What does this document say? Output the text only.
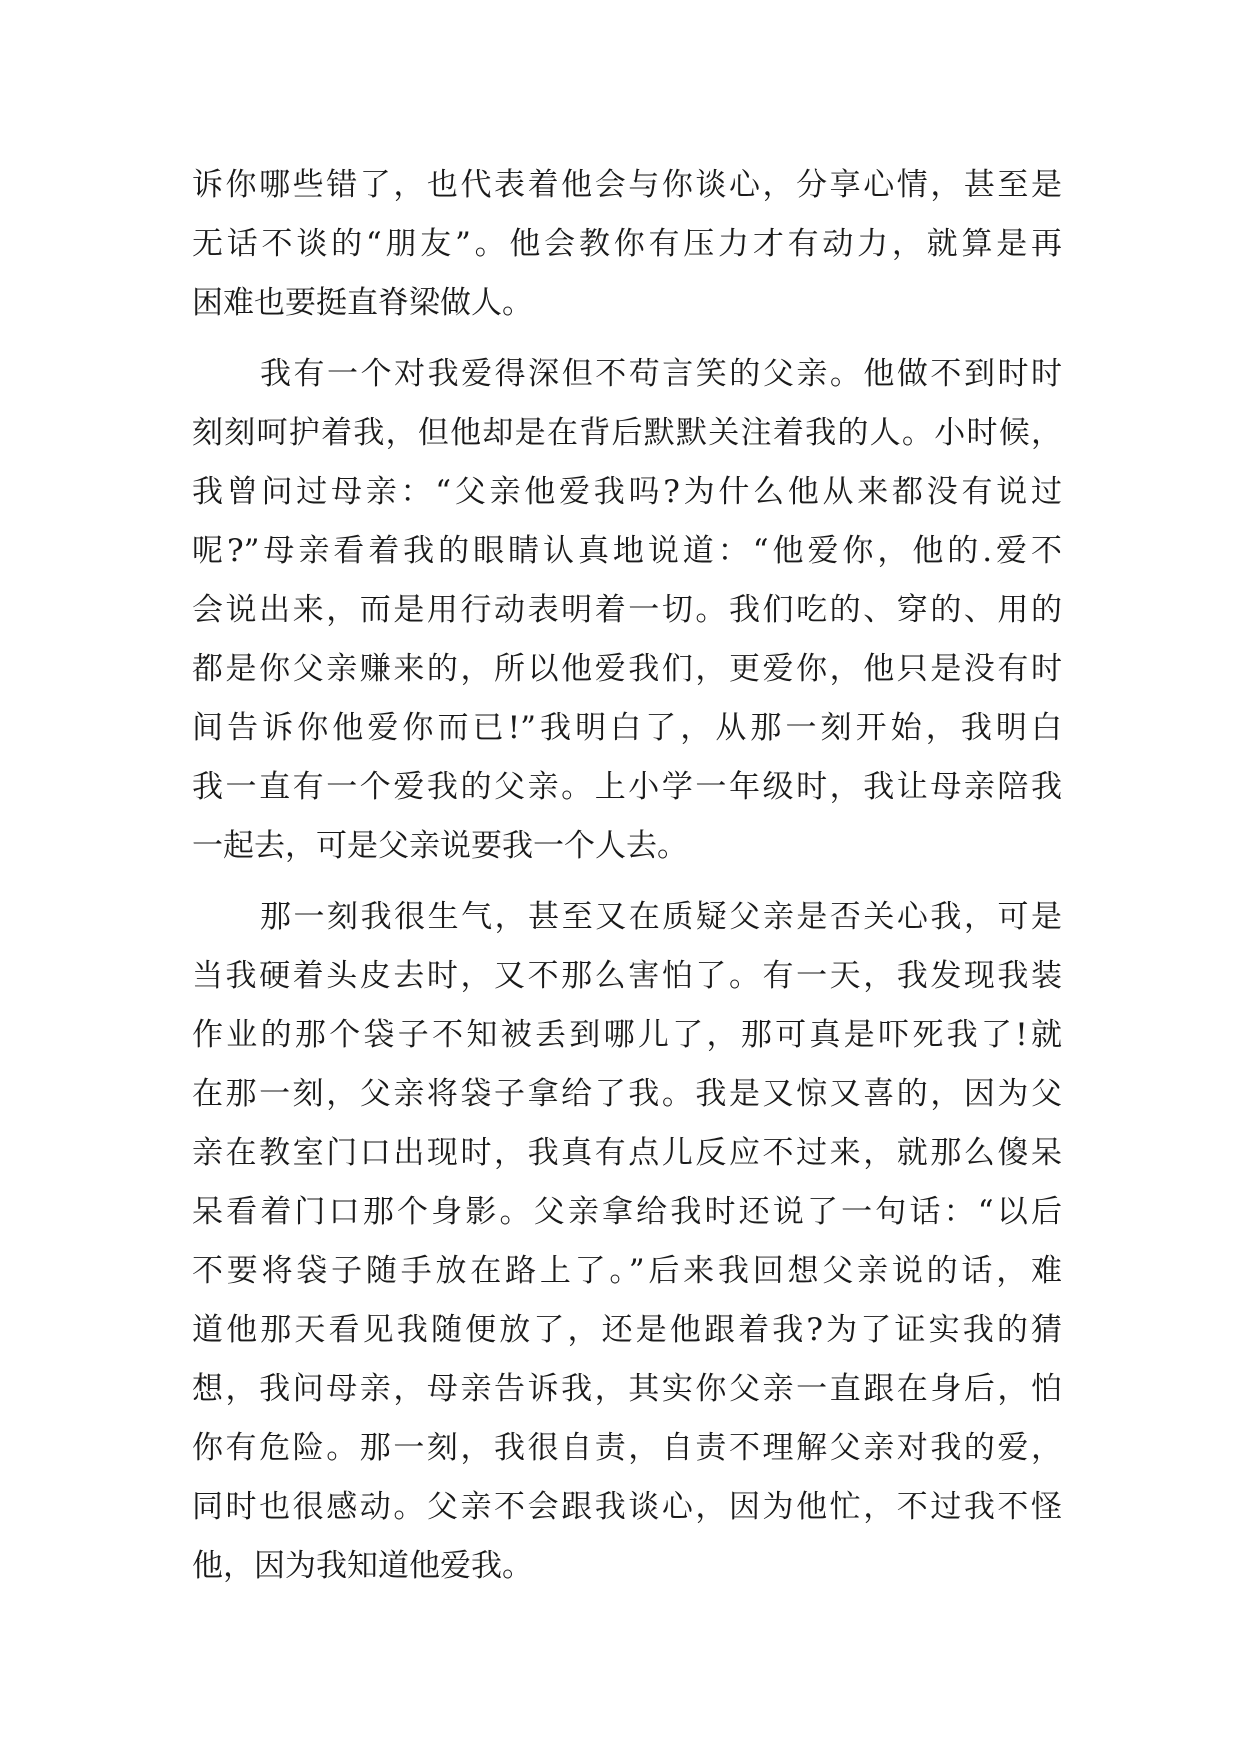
诉你哪些错了，也代表着他会与你谈心，分享心情，甚至是
无话不谈的“朋友”。他会教你有压力才有动力，就算是再
困难也要挺直脊梁做人。
我有一个对我爱得深但不苟言笑的父亲。他做不到时时
刻刻呵护着我，但他却是在背后默默关注着我的人。小时候，
我曾问过母亲：“父亲他爱我吗?为什么他从来都没有说过
呢?”母亲看着我的眼睛认真地说道：“他爱你，他的.爱不
会说出来，而是用行动表明着一切。我们吃的、穿的、用的
都是你父亲赚来的，所以他爱我们，更爱你，他只是没有时
间告诉你他爱你而已!”我明白了，从那一刻开始，我明白
我一直有一个爱我的父亲。上小学一年级时，我让母亲陪我
一起去，可是父亲说要我一个人去。
那一刻我很生气，甚至又在质疑父亲是否关心我，可是
当我硬着头皮去时，又不那么害怕了。有一天，我发现我装
作业的那个袋子不知被丢到哪儿了，那可真是吓死我了!就
在那一刻，父亲将袋子拿给了我。我是又惊又喜的，因为父
亲在教室门口出现时，我真有点儿反应不过来，就那么傻呆
呆看着门口那个身影。父亲拿给我时还说了一句话：“以后
不要将袋子随手放在路上了。”后来我回想父亲说的话，难
道他那天看见我随便放了，还是他跟着我?为了证实我的猜
想，我问母亲，母亲告诉我，其实你父亲一直跟在身后，怕
你有危险。那一刻，我很自责，自责不理解父亲对我的爱，
同时也很感动。父亲不会跟我谈心，因为他忙，不过我不怪
他，因为我知道他爱我。
